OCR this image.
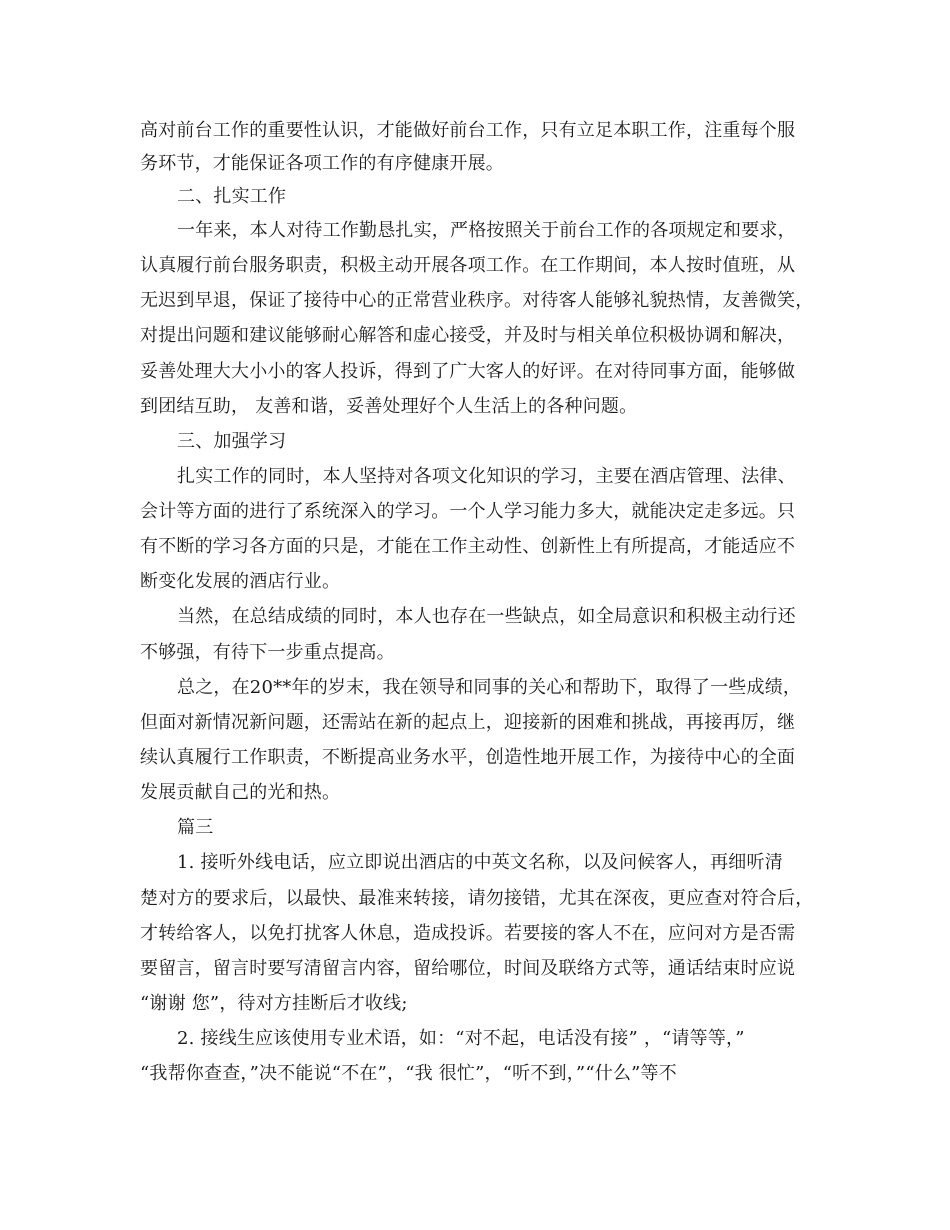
高对前台工作的重要性认识，才能做好前台工作，只有立足本职工作，注重每个服
务环节，才能保证各项工作的有序健康开展。
二、扎实工作
一年来，本人对待工作勤恳扎实，严格按照关于前台工作的各项规定和要求，
认真履行前台服务职责，积极主动开展各项工作。在工作期间，本人按时值班，从
无迟到早退，保证了接待中心的正常营业秩序。对待客人能够礼貌热情，友善微笑，
对提出问题和建议能够耐心解答和虚心接受，并及时与相关单位积极协调和解决，
妥善处理大大小小的客人投诉，得到了广大客人的好评。在对待同事方面，能够做
到团结互助， 友善和谐，妥善处理好个人生活上的各种问题。
三、加强学习
扎实工作的同时，本人坚持对各项文化知识的学习，主要在酒店管理、法律、
会计等方面的进行了系统深入的学习。一个人学习能力多大，就能决定走多远。只
有不断的学习各方面的只是，才能在工作主动性、创新性上有所提高，才能适应不
断变化发展的酒店行业。
当然，在总结成绩的同时，本人也存在一些缺点，如全局意识和积极主动行还
不够强，有待下一步重点提高。
总之，在20**年的岁末，我在领导和同事的关心和帮助下，取得了一些成绩，
但面对新情况新问题，还需站在新的起点上，迎接新的困难和挑战，再接再厉，继
续认真履行工作职责，不断提高业务水平，创造性地开展工作，为接待中心的全面
发展贡献自己的光和热。
篇三
1. 接听外线电话，应立即说出酒店的中英文名称，以及问候客人，再细听清
楚对方的要求后，以最快、最准来转接，请勿接错，尤其在深夜，更应查对符合后，
才转给客人，以免打扰客人休息，造成投诉。若要接的客人不在，应问对方是否需
要留言，留言时要写清留言内容，留给哪位，时间及联络方式等，通话结束时应说
“谢谢 您”，待对方挂断后才收线;
2. 接线生应该使用专业术语，如：“对不起，电话没有接” ，“请等等，”
“我帮你查查，”决不能说“不在”，“我 很忙”，“听不到，”“什么”等不
